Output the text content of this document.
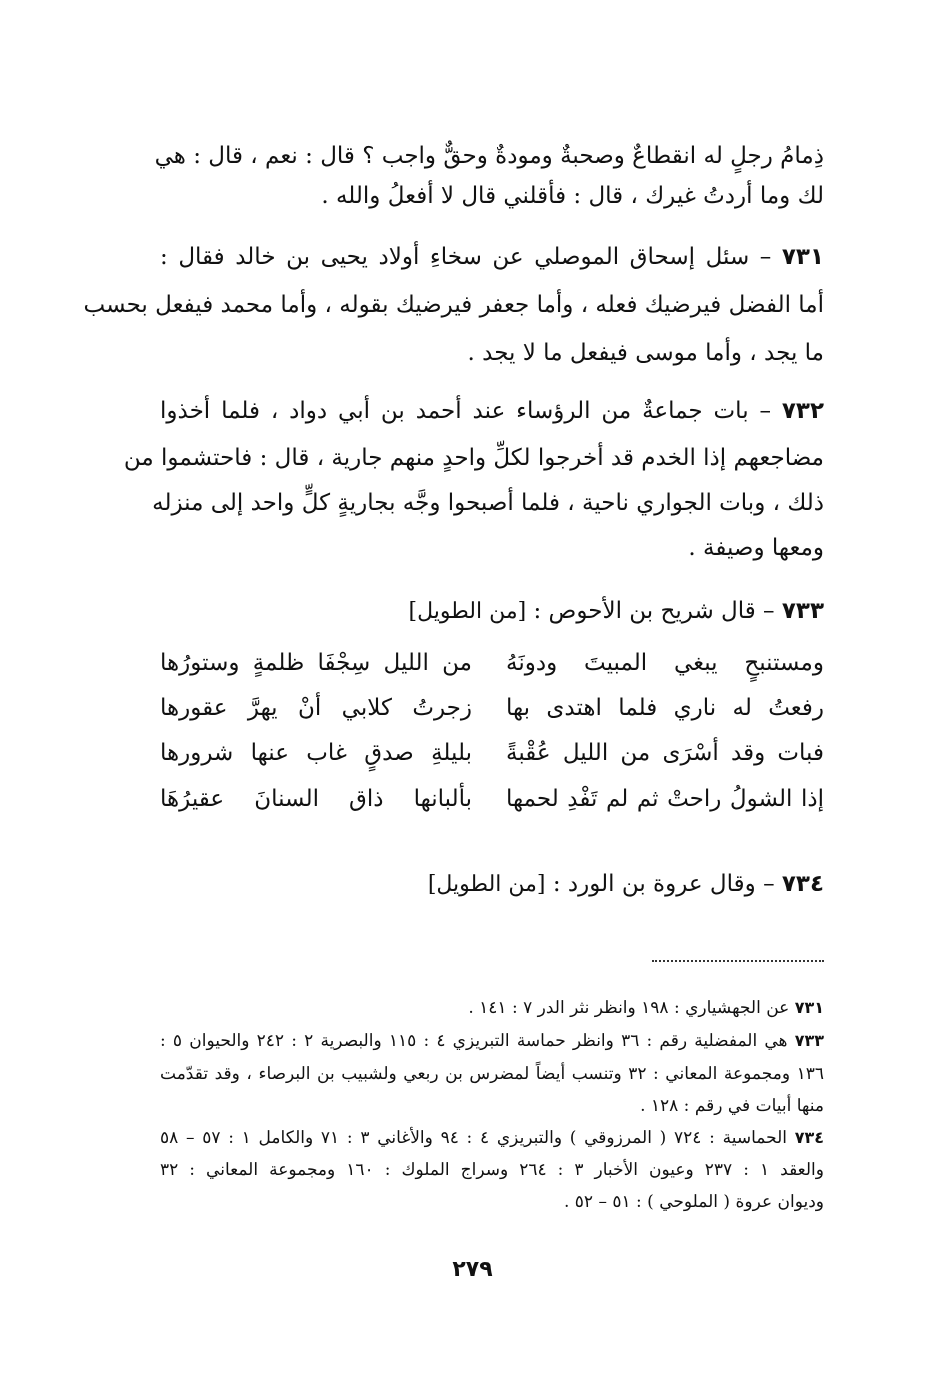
ذِمامُ رجلٍ له انقطاعٌ وصحبةٌ ومودةٌ وحقٌّ واجب ؟ قال : نعم ، قال : هي
لك وما أردتُ غيرك ، قال : فأقلني قال لا أفعلُ والله .
٧٣١ – سئل إسحاق الموصلي عن سخاءِ أولاد يحيى بن خالد فقال :
أما الفضل فيرضيك فعله ، وأما جعفر فيرضيك بقوله ، وأما محمد فيفعل بحسب
ما يجد ، وأما موسى فيفعل ما لا يجد .
٧٣٢ – بات جماعةٌ من الرؤساء عند أحمد بن أبي دواد ، فلما أخذوا
مضاجعهم إذا الخدم قد أخرجوا لكلِّ واحدٍ منهم جارية ، قال : فاحتشموا من
ذلك ، وبات الجواري ناحية ، فلما أصبحوا وجَّه بجاريةٍ كلٍّ واحد إلى منزله
ومعها وصيفة .
٧٣٣ – قال شريح بن الأحوص : [من الطويل]
ومستنبحٍ يبغي المبيتَ ودونَهُ
من الليل سِجْفَا ظلمةٍ وستورُها
رفعتُ له ناري فلما اهتدى بها
زجرتُ كلابي أنْ يهرَّ عقورها
فبات وقد أسْرَى من الليل عُقْبةً
بليلةِ صدقٍ غاب عنها شرورها
إذا الشولُ راحتْ ثم لم تَفْدِ لحمها
بألبانها ذاق السنانَ عقيرُهَا
٧٣٤ – وقال عروة بن الورد : [من الطويل]
٧٣١ عن الجهشياري : ١٩٨ وانظر نثر الدر ٧ : ١٤١ .
٧٣٣ هي المفضلية رقم : ٣٦ وانظر حماسة التبريزي ٤ : ١١٥ والبصرية ٢ : ٢٤٢ والحيوان ٥ :
١٣٦ ومجموعة المعاني : ٣٢ وتنسب أيضاً لمضرس بن ربعي ولشبيب بن البرصاء ، وقد تقدّمت
منها أبيات في رقم : ١٢٨ .
٧٣٤ الحماسية : ٧٢٤ ( المرزوقي ) والتبريزي ٤ : ٩٤ والأغاني ٣ : ٧١ والكامل ١ : ٥٧ – ٥٨
والعقد ١ : ٢٣٧ وعيون الأخبار ٣ : ٢٦٤ وسراج الملوك : ١٦٠ ومجموعة المعاني : ٣٢
وديوان عروة ( الملوحي ) : ٥١ – ٥٢ .
٢٧٩
